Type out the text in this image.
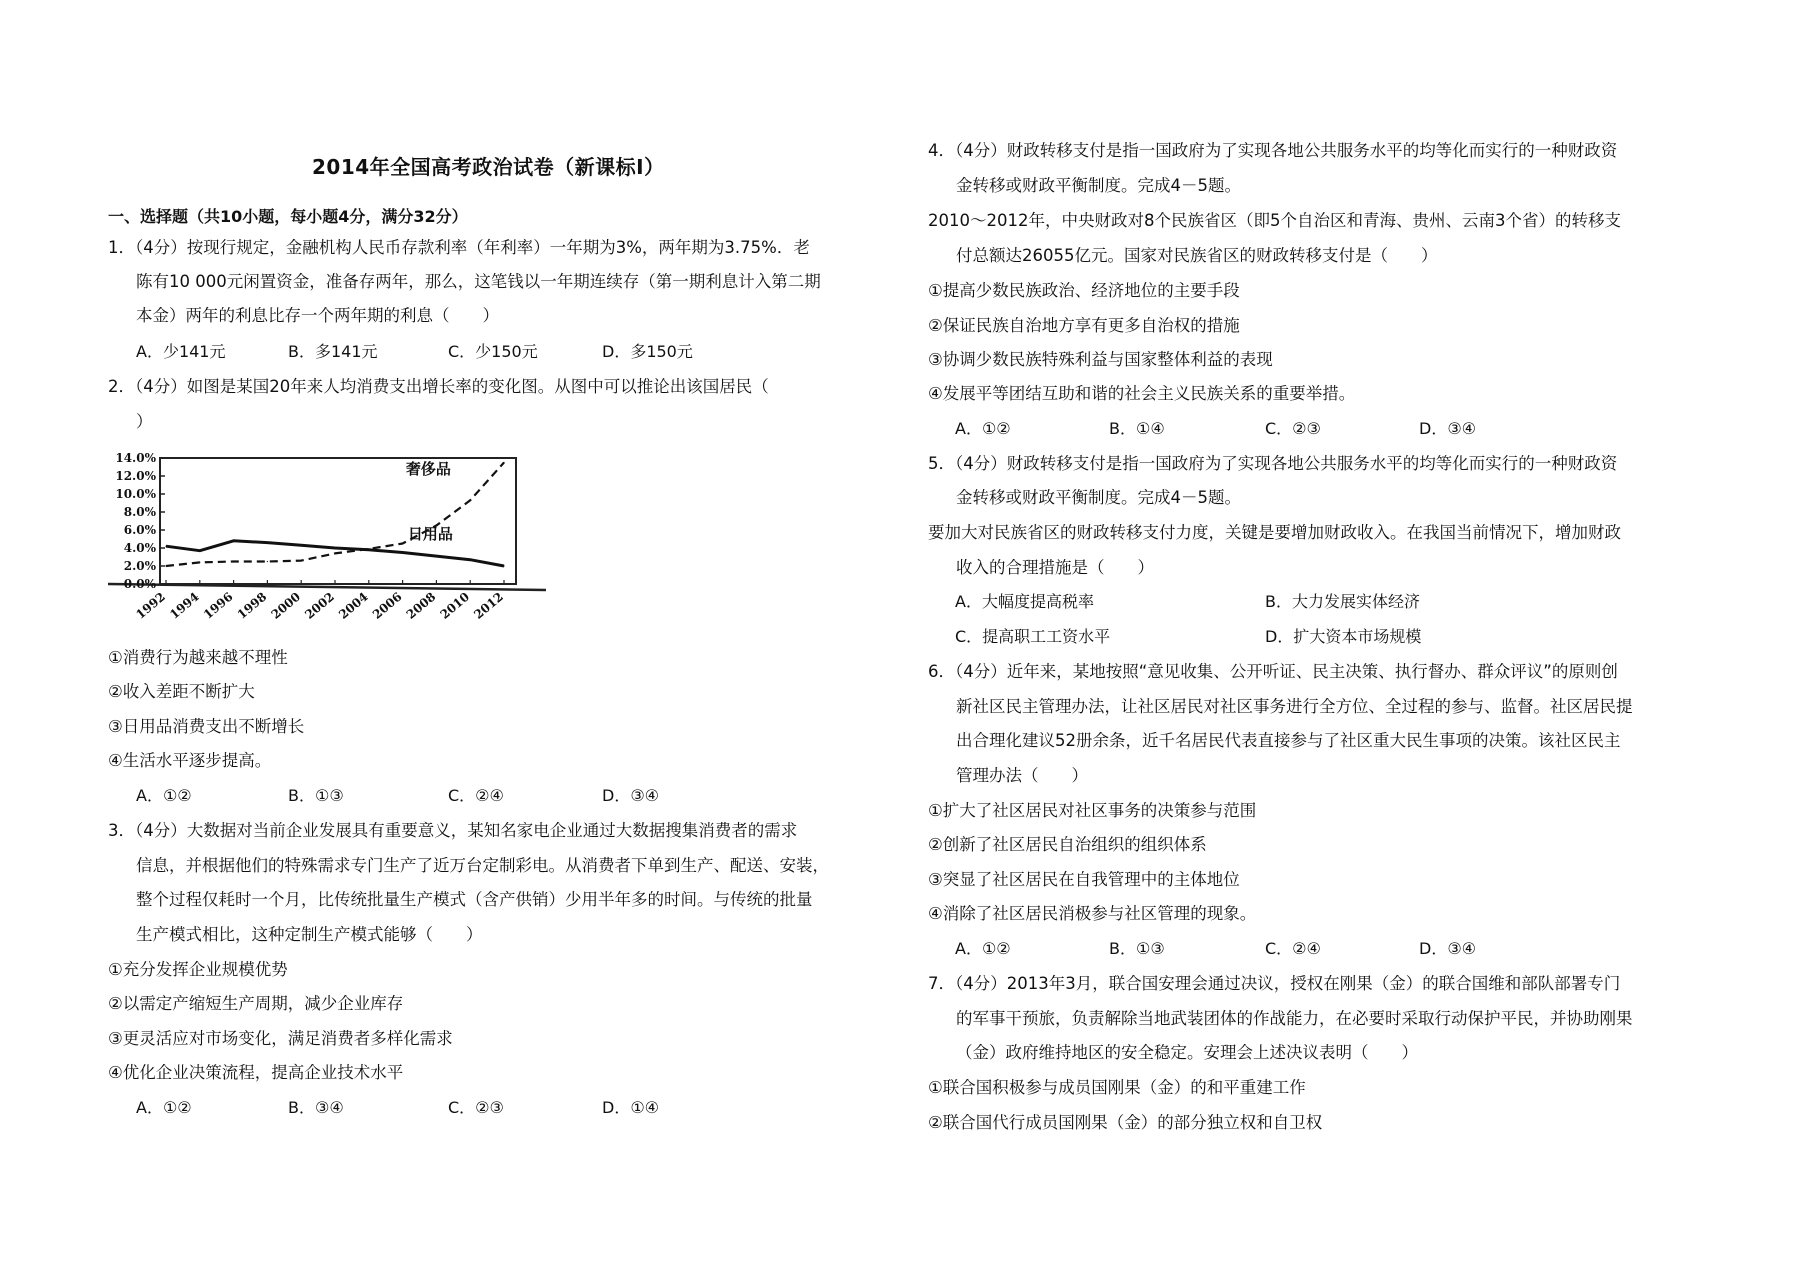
2014年全国高考政治试卷（新课标Ⅰ）
一、选择题（共10小题，每小题4分，满分32分）
1．（4分）按现行规定，金融机构人民币存款利率（年利率）一年期为3%，两年期为3.75%．老
陈有10 000元闲置资金，准备存两年，那么，这笔钱以一年期连续存（第一期利息计入第二期
本金）两年的利息比存一个两年期的利息（　　）
A．少141元	B．多141元	C．少150元	D．多150元
2．（4分）如图是某国20年来人均消费支出增长率的变化图。从图中可以推论出该国居民（
）
0.0%
2.0%
4.0%
6.0%
8.0%
10.0%
12.0%
14.0%
1992 1994 1996 1998 2000 2002 2004 2006 2008 2010 2012
奢侈品
日用品
①消费行为越来越不理性
②收入差距不断扩大
③日用品消费支出不断增长
④生活水平逐步提高。
A．①②	B．①③	C．②④	D．③④
3．（4分）大数据对当前企业发展具有重要意义，某知名家电企业通过大数据搜集消费者的需求
信息，并根据他们的特殊需求专门生产了近万台定制彩电。从消费者下单到生产、配送、安装，
整个过程仅耗时一个月，比传统批量生产模式（含产供销）少用半年多的时间。与传统的批量
生产模式相比，这种定制生产模式能够（　　）
①充分发挥企业规模优势
②以需定产缩短生产周期，减少企业库存
③更灵活应对市场变化，满足消费者多样化需求
④优化企业决策流程，提高企业技术水平
A．①②	B．③④	C．②③	D．①④
4．（4分）财政转移支付是指一国政府为了实现各地公共服务水平的均等化而实行的一种财政资
金转移或财政平衡制度。完成4－5题。
2010～2012年，中央财政对8个民族省区（即5个自治区和青海、贵州、云南3个省）的转移支
付总额达26055亿元。国家对民族省区的财政转移支付是（　　）
①提高少数民族政治、经济地位的主要手段
②保证民族自治地方享有更多自治权的措施
③协调少数民族特殊利益与国家整体利益的表现
④发展平等团结互助和谐的社会主义民族关系的重要举措。
A．①②	B．①④	C．②③	D．③④
5．（4分）财政转移支付是指一国政府为了实现各地公共服务水平的均等化而实行的一种财政资
金转移或财政平衡制度。完成4－5题。
要加大对民族省区的财政转移支付力度，关键是要增加财政收入。在我国当前情况下，增加财政
收入的合理措施是（　　）
A．大幅度提高税率	B．大力发展实体经济
C．提高职工工资水平	D．扩大资本市场规模
6．（4分）近年来，某地按照“意见收集、公开听证、民主决策、执行督办、群众评议”的原则创
新社区民主管理办法，让社区居民对社区事务进行全方位、全过程的参与、监督。社区居民提
出合理化建议52册余条，近千名居民代表直接参与了社区重大民生事项的决策。该社区民主
管理办法（　　）
①扩大了社区居民对社区事务的决策参与范围
②创新了社区居民自治组织的组织体系
③突显了社区居民在自我管理中的主体地位
④消除了社区居民消极参与社区管理的现象。
A．①②	B．①③	C．②④	D．③④
7．（4分）2013年3月，联合国安理会通过决议，授权在刚果（金）的联合国维和部队部署专门
的军事干预旅，负责解除当地武装团体的作战能力，在必要时采取行动保护平民，并协助刚果
（金）政府维持地区的安全稳定。安理会上述决议表明（　　）
①联合国积极参与成员国刚果（金）的和平重建工作
②联合国代行成员国刚果（金）的部分独立权和自卫权
